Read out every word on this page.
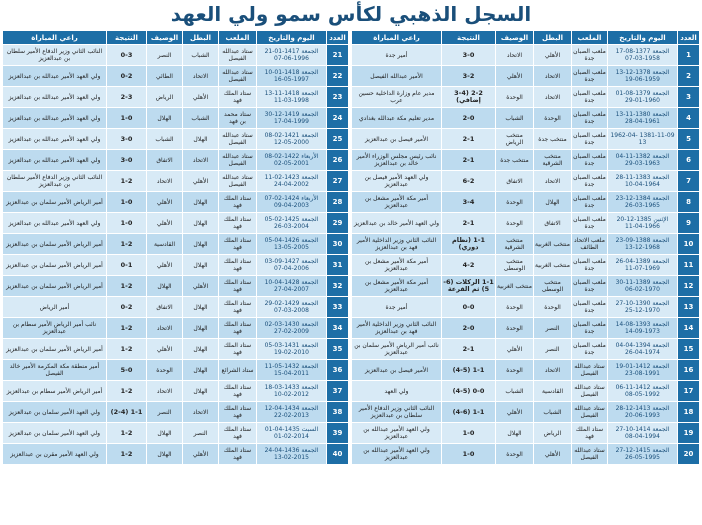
السجل الذهبي لكأس سمو ولي العهد
العدد	اليوم والتاريخ	الملعب	البطل	الوصيف	النتيجة	راعي المباراة
1	الجمعة 1377-08-17 1958-03-07	ملعب الصبان جدة	الأهلي	الاتحاد	3-0	أمير جدة
2	الجمعة 1378-12-13 1959-06-19	ملعب الصبان جدة	الاتحاد	الأهلي	3-2	الأمير عبدالله الفيصل
3	الجمعة 1379-08-01 1960-01-29	ملعب الصبان جدة	الاتحاد	الوحدة	2-2 (3-4 إضافي)	مدير عام وزارة الداخلية حسين عرب
4	الجمعة 1380-11-13 1961-04-28	ملعب الصبان جدة	الوحدة	الشباب	2-0	مدير تعليم مكة عبدالله بغدادي
5	1381-11-09 1962-04-13	ملعب الصبان جدة	منتخب جدة	منتخب الرياض	2-1	الأمير فيصل بن عبدالعزيز
6	الجمعة 1382-11-04 1963-03-29	ملعب الصبان جدة	منتخب الشرقية	منتخب جدة	2-1	نائب رئيس مجلس الوزراء الأمير خالد بن عبدالعزيز
7	الجمعة 1383-11-28 1964-04-10	ملعب الصبان جدة	الاتحاد	الاتفاق	6-2	ولي العهد الأمير فيصل بن عبدالعزيز
8	الجمعة 1384-12-23 1965-03-26	ملعب الصبان جدة	الهلال	الوحدة	3-4	أمير مكة الأمير مشعل بن عبدالعزيز
9	الإثنين 1385-12-20 1966-04-11	ملعب الصبان جدة	الاتفاق	الوحدة	2-1	ولي العهد الأمير خالد بن عبدالعزيز
10	الجمعة 1388-09-23 1968-12-13	ملعب الاتحاد الطائف	منتخب الغربية	منتخب الشرقية	1-1 (نظام دوري)	النائب الثاني وزير الداخلية الأمير فهد بن عبدالعزيز
11	الجمعة 1389-04-26 1969-07-11	ملعب الصبان جدة	منتخب الغربية	منتخب الوسطى	4-2	أمير مكة الأمير مشعل بن عبدالعزيز
12	الجمعة 1389-11-30 1970-02-06	ملعب الصبان جدة	منتخب الوسطى	منتخب الغربية	1-1 الركلات (6-5) ثم القرعة	أمير مكة الأمير مشعل بن عبدالعزيز
13	الجمعة 1390-10-27 1970-12-25	ملعب الصبان جدة	الوحدة	الوحدة	0-0	أمير جدة
14	الجمعة 1393-08-14 1973-09-14	ملعب الصبان جدة	النصر	الوحدة	2-0	النائب الثاني وزير الداخلية الأمير فهد بن عبدالعزيز
15	الجمعة 1394-04-04 1974-04-26	ملعب الصبان جدة	النصر	الأهلي	2-1	نائب أمير الرياض الأمير سلمان بن عبدالعزيز
16	الجمعة 1412-01-19 1991-08-23	ستاد عبدالله الفيصل	الاتحاد	الوحدة	1-1 (4-5)	الأمير فيصل بن عبدالعزيز
17	الجمعة 1412-11-06 1992-05-08	ستاد عبدالله الفيصل	القادسية	الشباب	0-0 (4-5)	ولي العهد
18	الجمعة 1413-12-28 1993-06-20	ستاد عبدالله الفيصل	الشباب	الأهلي	1-1 (4-6)	النائب الثاني وزير الدفاع الأمير سلطان بن عبدالعزيز
19	الجمعة 1414-10-27 1994-04-08	ستاد الملك فهد	الرياض	الهلال	1-0	ولي العهد الأمير عبدالله بن عبدالعزيز
20	الجمعة 1415-12-27 1995-05-26	ستاد عبدالله الفيصل	الأهلي	الوحدة	1-0	ولي العهد الأمير عبدالله بن عبدالعزيز
العدد	اليوم والتاريخ	الملعب	البطل	الوصيف	النتيجة	راعي المباراة
21	الجمعة 1417-01-21 1996-06-07	ستاد عبدالله الفيصل	الشباب	النصر	0-3	النائب الثاني وزير الدفاع الأمير سلطان بن عبدالعزيز
22	الجمعة 1418-01-10 1997-05-16	ستاد عبدالله الفيصل	الاتحاد	الطائي	0-2	ولي العهد الأمير عبدالله بن عبدالعزيز
23	الجمعة 1418-11-13 1998-03-11	ستاد الملك فهد	الأهلي	الرياض	2-3	ولي العهد الأمير عبدالله بن عبدالعزيز
24	الجمعة 1419-12-30 1999-04-17	ستاد محمد بن فهد	الشباب	الهلال	1-0	ولي العهد الأمير عبدالله بن عبدالعزيز
25	الجمعة 1421-02-08 2000-05-12	ستاد عبدالله الفيصل	الهلال	الشباب	3-0	ولي العهد الأمير عبدالله بن عبدالعزيز
26	الأربعاء 1422-02-08 2001-05-02	ستاد عبدالله الفيصل	الاتحاد	الاتفاق	3-0	ولي العهد الأمير عبدالله بن عبدالعزيز
27	الجمعة 1423-02-11 2002-04-24	ستاد عبدالله الفيصل	الأهلي	الاتحاد	1-2	النائب الثاني وزير الدفاع الأمير سلطان بن عبدالعزيز
28	الأربعاء 1424-02-07 2003-04-09	ستاد الملك فهد	الهلال	الأهلي	1-0	أمير الرياض الأمير سلمان بن عبدالعزيز
29	الجمعة 1425-02-05 2004-03-26	ستاد الملك فهد	الهلال	الأهلي	1-0	ولي العهد الأمير عبدالله بن عبدالعزيز
30	الجمعة 1426-04-05 2005-05-13	ستاد الملك فهد	الهلال	القادسية	1-2	أمير الرياض الأمير سلمان بن عبدالعزيز
31	الجمعة 1427-09-03 2006-04-07	ستاد الملك فهد	الهلال	الأهلي	0-1	أمير الرياض الأمير سلمان بن عبدالعزيز
32	الجمعة 1428-04-10 2007-04-27	ستاد الملك فهد	الأهلي	الهلال	1-2	أمير الرياض الأمير سلمان بن عبدالعزيز
33	الجمعة 1429-02-29 2008-03-07	ستاد الملك فهد	الهلال	الاتفاق	0-2	أمير الرياض
34	الجمعة 1430-03-02 2009-02-27	ستاد الملك فهد	الهلال	الاتحاد	1-2	نائب أمير الرياض الأمير سطام بن عبدالعزيز
35	الجمعة 1431-03-05 2010-02-19	ستاد الملك فهد	الهلال	الأهلي	1-2	أمير الرياض الأمير سلمان بن عبدالعزيز
36	الجمعة 1432-05-11 2011-04-15	ستاد الشرائع	الهلال	الوحدة	5-0	أمير منطقة مكة المكرمة الأمير خالد الفيصل
37	الجمعة 1433-03-18 2012-02-10	ستاد الملك فهد	الهلال	الاتحاد	1-2	أمير الرياض الأمير سطام بن عبدالعزيز
38	الجمعة 1434-04-12 2013-02-22	ستاد الملك فهد	الاتحاد	النصر	1-1 (2-4)	ولي العهد الأمير سلمان بن عبدالعزيز
39	السبت 1435-04-01 2014-02-01	ستاد الملك فهد	النصر	الهلال	1-2	ولي العهد الأمير سلمان بن عبدالعزيز
40	الجمعة 1436-04-24 2015-02-13	ستاد الملك فهد	الأهلي	الهلال	1-2	ولي العهد الأمير مقرن بن عبدالعزيز
